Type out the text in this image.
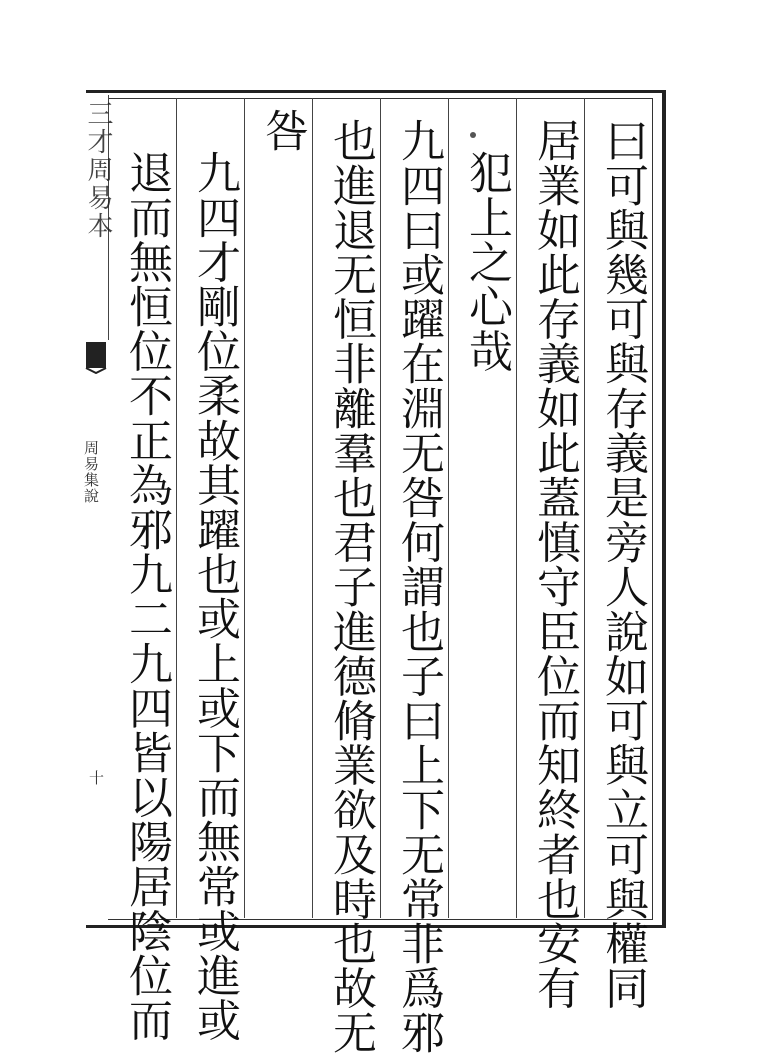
三才周易本
周易集說
十	曰可與幾可與存義是旁人說如可與立可與權同
居業如此存義如此蓋慎守臣位而知終者也安有
犯上之心哉
九四曰或躍在淵无咎何謂也子曰上下无常非爲邪
也進退无恒非離羣也君子進德脩業欲及時也故无
咎
九四才剛位柔故其躍也或上或下而無常或進或
退而無恒位不正為邪九二九四皆以陽居陰位而
